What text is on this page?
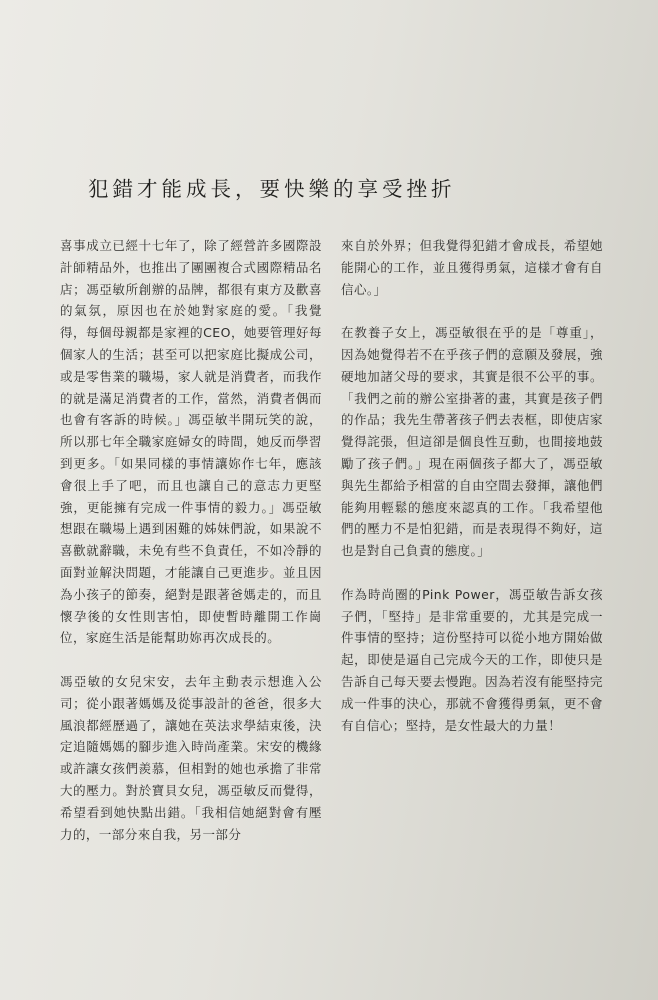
犯錯才能成長，要快樂的享受挫折

喜事成立已經十七年了，除了經營許多國際設計師精品外，也推出了團團複合式國際精品名店；馮亞敏所創辦的品牌，都很有東方及歡喜的氣氛，原因也在於她對家庭的愛。「我覺得，每個母親都是家裡的CEO，她要管理好每個家人的生活；甚至可以把家庭比擬成公司，或是零售業的職場，家人就是消費者，而我作的就是滿足消費者的工作，當然，消費者偶而也會有客訴的時候。」馮亞敏半開玩笑的說，所以那七年全職家庭婦女的時間，她反而學習到更多。「如果同樣的事情讓妳作七年，應該會很上手了吧，而且也讓自己的意志力更堅強，更能擁有完成一件事情的毅力。」馮亞敏想跟在職場上遇到困難的姊妹們說，如果說不喜歡就辭職，未免有些不負責任，不如冷靜的面對並解決問題，才能讓自己更進步。並且因為小孩子的節奏，絕對是跟著爸媽走的，而且懷孕後的女性則害怕，即使暫時離開工作崗位，家庭生活是能幫助妳再次成長的。

馮亞敏的女兒宋安，去年主動表示想進入公司；從小跟著媽媽及從事設計的爸爸，很多大風浪都經歷過了，讓她在英法求學結束後，決定追隨媽媽的腳步進入時尚產業。宋安的機緣或許讓女孩們羨慕，但相對的她也承擔了非常大的壓力。對於寶貝女兒，馮亞敏反而覺得，希望看到她快點出錯。「我相信她絕對會有壓力的，一部分來自我，另一部分

來自於外界；但我覺得犯錯才會成長，希望她能開心的工作，並且獲得勇氣，這樣才會有自信心。」

在教養子女上，馮亞敏很在乎的是「尊重」，因為她覺得若不在乎孩子們的意願及發展，強硬地加諸父母的要求，其實是很不公平的事。「我們之前的辦公室掛著的畫，其實是孩子們的作品；我先生帶著孩子們去表框，即使店家覺得詫張，但這卻是個良性互動，也間接地鼓勵了孩子們。」現在兩個孩子都大了，馮亞敏與先生都給予相當的自由空間去發揮，讓他們能夠用輕鬆的態度來認真的工作。「我希望他們的壓力不是怕犯錯，而是表現得不夠好，這也是對自己負責的態度。」

作為時尚圈的Pink Power，馮亞敏告訴女孩子們，「堅持」是非常重要的，尤其是完成一件事情的堅持；這份堅持可以從小地方開始做起，即使是逼自己完成今天的工作，即使只是告訴自己每天要去慢跑。因為若沒有能堅持完成一件事的決心，那就不會獲得勇氣，更不會有自信心；堅持，是女性最大的力量！
